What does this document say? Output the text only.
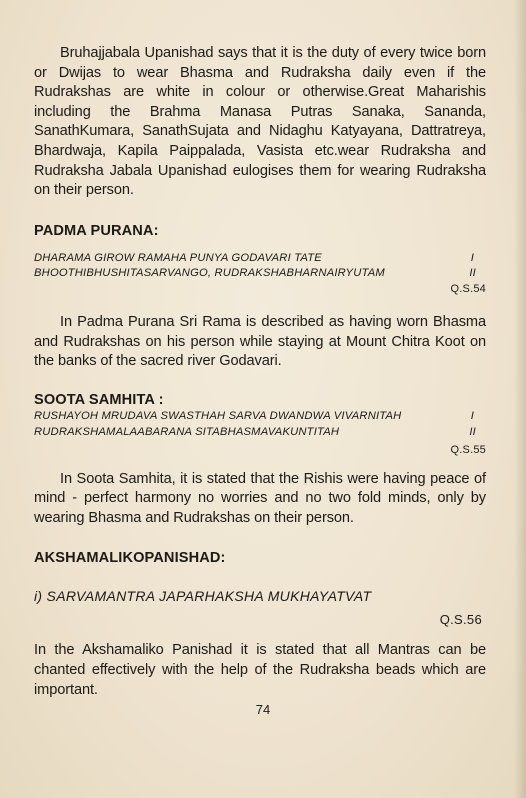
Bruhajjabala Upanishad says that it is the duty of every twice born or Dwijas to wear Bhasma and Rudraksha daily even if the Rudrakshas are white in colour or otherwise.Great Maharishis including the Brahma Manasa Putras Sanaka, Sananda, SanathKumara, SanathSujata and Nidaghu Katyayana, Dattratreya, Bhardwaja, Kapila Paippalada, Vasista etc.wear Rudraksha and Rudraksha Jabala Upanishad eulogises them for wearing Rudraksha on their person.

PADMA PURANA:

DHARAMA GIROW RAMAHA PUNYA GODAVARI TATE	I
BHOOTHIBHUSHITASARVANGO, RUDRAKSHABHARNAIRYUTAM	II
Q.S.54

In Padma Purana Sri Rama is described as having worn Bhasma and Rudrakshas on his person while staying at Mount Chitra Koot on the banks of the sacred river Godavari.

SOOTA SAMHITA :

RUSHAYOH MRUDAVA SWASTHAH SARVA DWANDWA VIVARNITAH	I
RUDRAKSHAMALAABARANA SITABHASMAVAKUNTITAH	II
Q.S.55

In Soota Samhita, it is stated that the Rishis were having peace of mind - perfect harmony no worries and no two fold minds, only by wearing Bhasma and Rudrakshas on their person.

AKSHAMALIKOPANISHAD:

i) SARVAMANTRA JAPARHAKSHA MUKHAYATVAT
Q.S.56

In the Akshamaliko Panishad it is stated that all Mantras can be chanted effectively with the help of the Rudraksha beads which are important.

74
